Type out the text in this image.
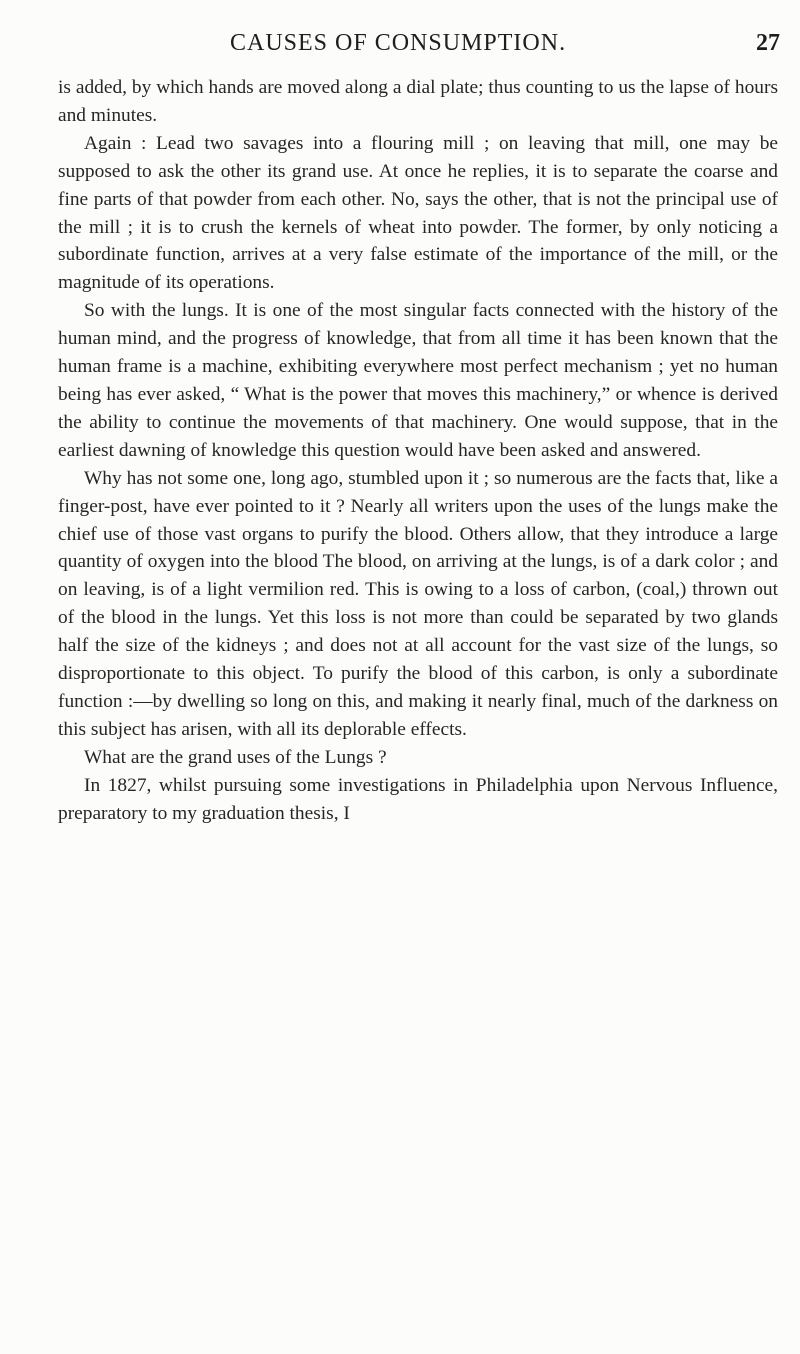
CAUSES OF CONSUMPTION.	27

is added, by which hands are moved along a dial plate; thus counting to us the lapse of hours and minutes.

Again : Lead two savages into a flouring mill ; on leaving that mill, one may be supposed to ask the other its grand use. At once he replies, it is to separate the coarse and fine parts of that powder from each other. No, says the other, that is not the principal use of the mill ; it is to crush the kernels of wheat into powder. The former, by only noticing a subordinate function, arrives at a very false estimate of the importance of the mill, or the magnitude of its operations.

So with the lungs. It is one of the most singular facts connected with the history of the human mind, and the progress of knowledge, that from all time it has been known that the human frame is a machine, exhibiting everywhere most perfect mechanism ; yet no human being has ever asked, “ What is the power that moves this machinery,” or whence is derived the ability to continue the movements of that machinery. One would suppose, that in the earliest dawning of knowledge this question would have been asked and answered.

Why has not some one, long ago, stumbled upon it ; so numerous are the facts that, like a finger-post, have ever pointed to it ? Nearly all writers upon the uses of the lungs make the chief use of those vast organs to purify the blood. Others allow, that they introduce a large quantity of oxygen into the blood The blood, on arriving at the lungs, is of a dark color ; and on leaving, is of a light vermilion red. This is owing to a loss of carbon, (coal,) thrown out of the blood in the lungs. Yet this loss is not more than could be separated by two glands half the size of the kidneys ; and does not at all account for the vast size of the lungs, so disproportionate to this object. To purify the blood of this carbon, is only a subordinate function :—by dwelling so long on this, and making it nearly final, much of the darkness on this subject has arisen, with all its deplorable effects.

What are the grand uses of the Lungs ?

In 1827, whilst pursuing some investigations in Philadelphia upon Nervous Influence, preparatory to my graduation thesis, I
